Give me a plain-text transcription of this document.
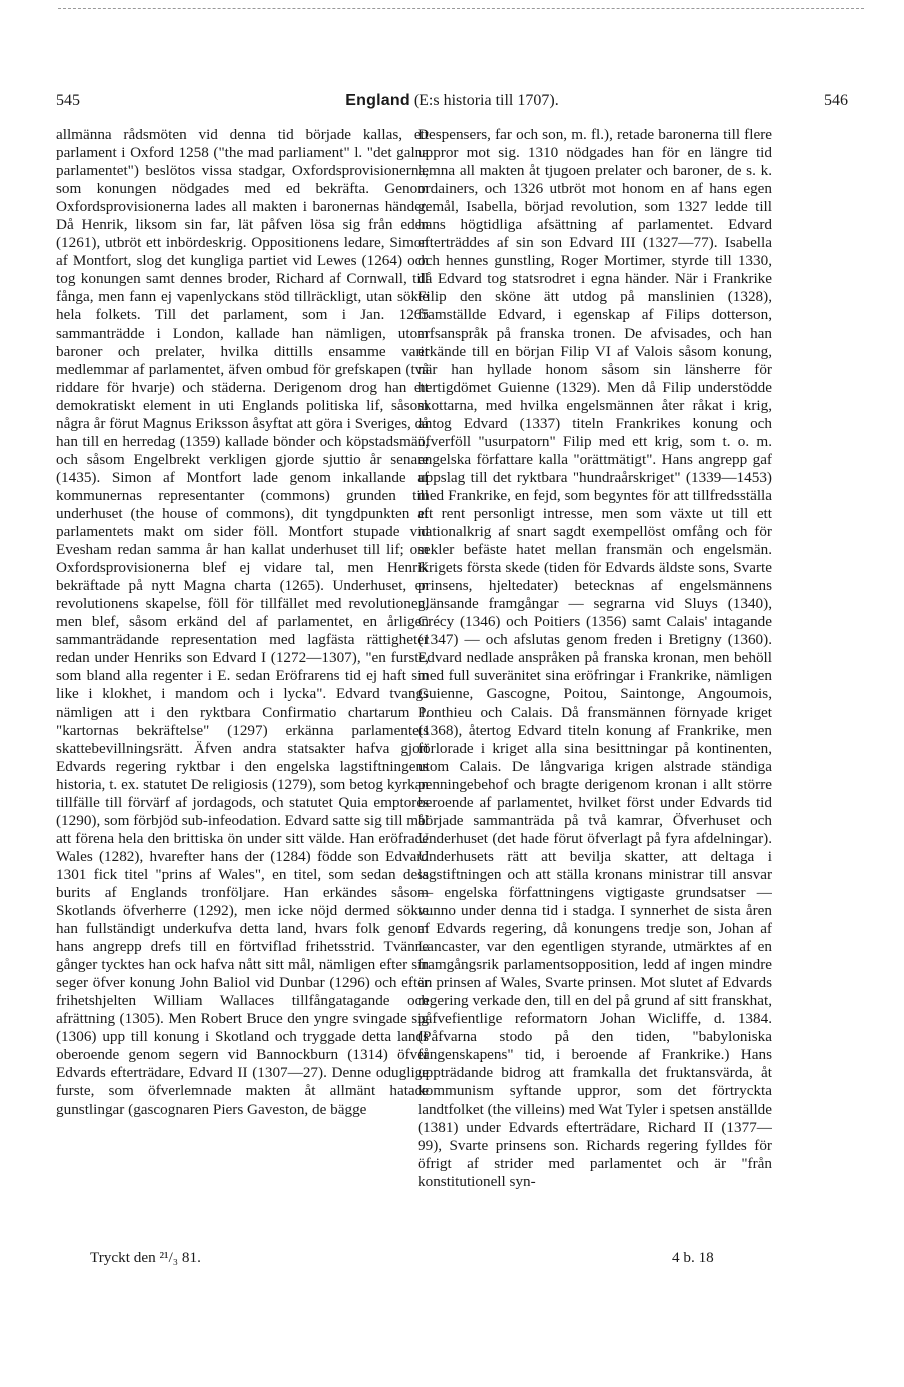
545	England (E:s historia till 1707).	546

allmänna rådsmöten vid denna tid började kallas, ett parlament i Oxford 1258 ("the mad parliament" l. "det galna parlamentet") beslötos vissa stadgar, Oxfordsprovisionerna, som konungen nödgades med ed bekräfta. Genom Oxfordsprovisionerna lades all makten i baronernas händer. Då Henrik, liksom sin far, lät påfven lösa sig från eden (1261), utbröt ett inbördeskrig. Oppositionens ledare, Simon af Montfort, slog det kungliga partiet vid Lewes (1264) och tog konungen samt dennes broder, Richard af Cornwall, till fånga, men fann ej vapenlyckans stöd tillräckligt, utan sökte hela folkets. Till det parlament, som i Jan. 1265 sammanträdde i London, kallade han nämligen, utom baroner och prelater, hvilka dittills ensamme varit medlemmar af parlamentet, äfven ombud för grefskapen (två riddare för hvarje) och städerna. Derigenom drog han ett demokratiskt element in uti Englands politiska lif, såsom några år förut Magnus Eriksson åsyftat att göra i Sveriges, då han till en herredag (1359) kallade bönder och köpstadsmän, och såsom Engelbrekt verkligen gjorde sjuttio år senare (1435). Simon af Montfort lade genom inkallande af kommunernas representanter (commons) grunden till underhuset (the house of commons), dit tyngdpunkten af parlamentets makt om sider föll. Montfort stupade vid Evesham redan samma år han kallat underhuset till lif; om Oxfordsprovisionerna blef ej vidare tal, men Henrik bekräftade på nytt Magna charta (1265). Underhuset, en revolutionens skapelse, föll för tillfället med revolutionen, men blef, såsom erkänd del af parlamentet, en årligen sammanträdande representation med lagfästa rättigheter redan under Henriks son Edvard I (1272—1307), "en furste, som bland alla regenter i E. sedan Eröfrarens tid ej haft sin like i klokhet, i mandom och i lycka". Edvard tvangs nämligen att i den ryktbara Confirmatio chartarum l. "kartornas bekräftelse" (1297) erkänna parlamentets skattebevillningsrätt. Äfven andra statsakter hafva gjort Edvards regering ryktbar i den engelska lagstiftningens historia, t. ex. statutet De religiosis (1279), som betog kyrkan tillfälle till förvärf af jordagods, och statutet Quia emptores (1290), som förbjöd sub-infeodation. Edvard satte sig till mål att förena hela den brittiska ön under sitt välde. Han eröfrade Wales (1282), hvarefter hans der (1284) födde son Edvard 1301 fick titel "prins af Wales", en titel, som sedan dess burits af Englands tronföljare. Han erkändes såsom Skotlands öfverherre (1292), men icke nöjd dermed sökte han fullständigt underkufva detta land, hvars folk genom hans angrepp drefs till en förtviflad frihetsstrid. Tvänne gånger tycktes han ock hafva nått sitt mål, nämligen efter sin seger öfver konung John Baliol vid Dunbar (1296) och efter frihetshjelten William Wallaces tillfångatagande och afrättning (1305). Men Robert Bruce den yngre svingade sig (1306) upp till konung i Skotland och tryggade detta lands oberoende genom segern vid Bannockburn (1314) öfver Edvards efterträdare, Edvard II (1307—27). Denne oduglige furste, som öfverlemnade makten åt allmänt hatade gunstlingar (gascognaren Piers Gaveston, de bägge

Despensers, far och son, m. fl.), retade baronerna till flere uppror mot sig. 1310 nödgades han för en längre tid lemna all makten åt tjugoen prelater och baroner, de s. k. ordainers, och 1326 utbröt mot honom en af hans egen gemål, Isabella, börjad revolution, som 1327 ledde till hans högtidliga afsättning af parlamentet. Edvard efterträddes af sin son Edvard III (1327—77). Isabella och hennes gunstling, Roger Mortimer, styrde till 1330, då Edvard tog statsrodret i egna händer. När i Frankrike Filip den sköne ätt utdog på manslinien (1328), framställde Edvard, i egenskap af Filips dotterson, arfsanspråk på franska tronen. De afvisades, och han erkände till en början Filip VI af Valois såsom konung, när han hyllade honom såsom sin länsherre för hertigdömet Guienne (1329). Men då Filip understödde skottarna, med hvilka engelsmännen åter råkat i krig, antog Edvard (1337) titeln Frankrikes konung och öfverföll "usurpatorn" Filip med ett krig, som t. o. m. engelska författare kalla "orättmätigt". Hans angrepp gaf uppslag till det ryktbara "hundraårskriget" (1339—1453) med Frankrike, en fejd, som begyntes för att tillfredsställa ett rent personligt intresse, men som växte ut till ett nationalkrig af snart sagdt exempellöst omfång och för sekler befäste hatet mellan fransmän och engelsmän. Krigets första skede (tiden för Edvards äldste sons, Svarte prinsens, hjeltedater) betecknas af engelsmännens glänsande framgångar — segrarna vid Sluys (1340), Crécy (1346) och Poitiers (1356) samt Calais' intagande (1347) — och afslutas genom freden i Bretigny (1360). Edvard nedlade anspråken på franska kronan, men behöll med full suveränitet sina eröfringar i Frankrike, nämligen Guienne, Gascogne, Poitou, Saintonge, Angoumois, Ponthieu och Calais. Då fransmännen förnyade kriget (1368), återtog Edvard titeln konung af Frankrike, men förlorade i kriget alla sina besittningar på kontinenten, utom Calais. De långvariga krigen alstrade ständiga penningebehof och bragte derigenom kronan i allt större beroende af parlamentet, hvilket först under Edvards tid började sammanträda på två kamrar, Öfverhuset och Underhuset (det hade förut öfverlagt på fyra afdelningar). Underhusets rätt att bevilja skatter, att deltaga i lagstiftningen och att ställa kronans ministrar till ansvar — engelska författningens vigtigaste grundsatser — vunno under denna tid i stadga. I synnerhet de sista åren af Edvards regering, då konungens tredje son, Johan af Lancaster, var den egentligen styrande, utmärktes af en framgångsrik parlamentsopposition, ledd af ingen mindre än prinsen af Wales, Svarte prinsen. Mot slutet af Edvards regering verkade den, till en del på grund af sitt franskhat, påfvefientlige reformatorn Johan Wicliffe, d. 1384. (Påfvarna stodo på den tiden, "babyloniska fångenskapens" tid, i beroende af Frankrike.) Hans uppträdande bidrog att framkalla det fruktansvärda, åt kommunism syftande uppror, som det förtryckta landtfolket (the villeins) med Wat Tyler i spetsen anställde (1381) under Edvards efterträdare, Richard II (1377—99), Svarte prinsens son. Richards regering fylldes för öfrigt af strider med parlamentet och är "från konstitutionell syn-

Tryckt den ²¹/₃ 81.	4 b. 18
